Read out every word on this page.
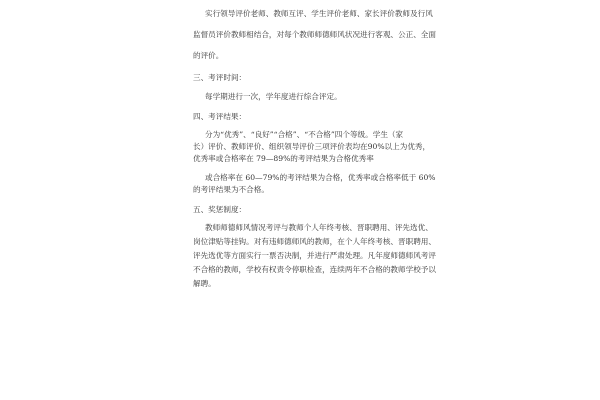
实行领导评价老师、教师互评、学生评价老师、家长评价教师及行风

监督员评价教师相结合，对每个教师师德师风状况进行客观、公正、全面

的评价。

三、考评时间：

每学期进行一次，学年度进行综合评定。

四、考评结果：

分为“优秀”、“良好”“合格”、“不合格”四个等级。学生（家

长）评价、教师评价、组织领导评价三项评价表均在90%以上为优秀，

优秀率或合格率在 79—89%的考评结果为合格优秀率

或合格率在 60—79%的考评结果为合格，优秀率或合格率低于 60%

的考评结果为不合格。

五、奖惩制度：

教师师德师风情况考评与教师个人年终考核、晋职聘用、评先选优、

岗位津贴等挂钩。对有违师德师风的教师，在个人年终考核、晋职聘用、

评先选优等方面实行一票否决制，并进行严肃处理。凡年度师德师风考评

不合格的教师，学校有权责令停职检查，连续两年不合格的教师学校予以

解聘。
